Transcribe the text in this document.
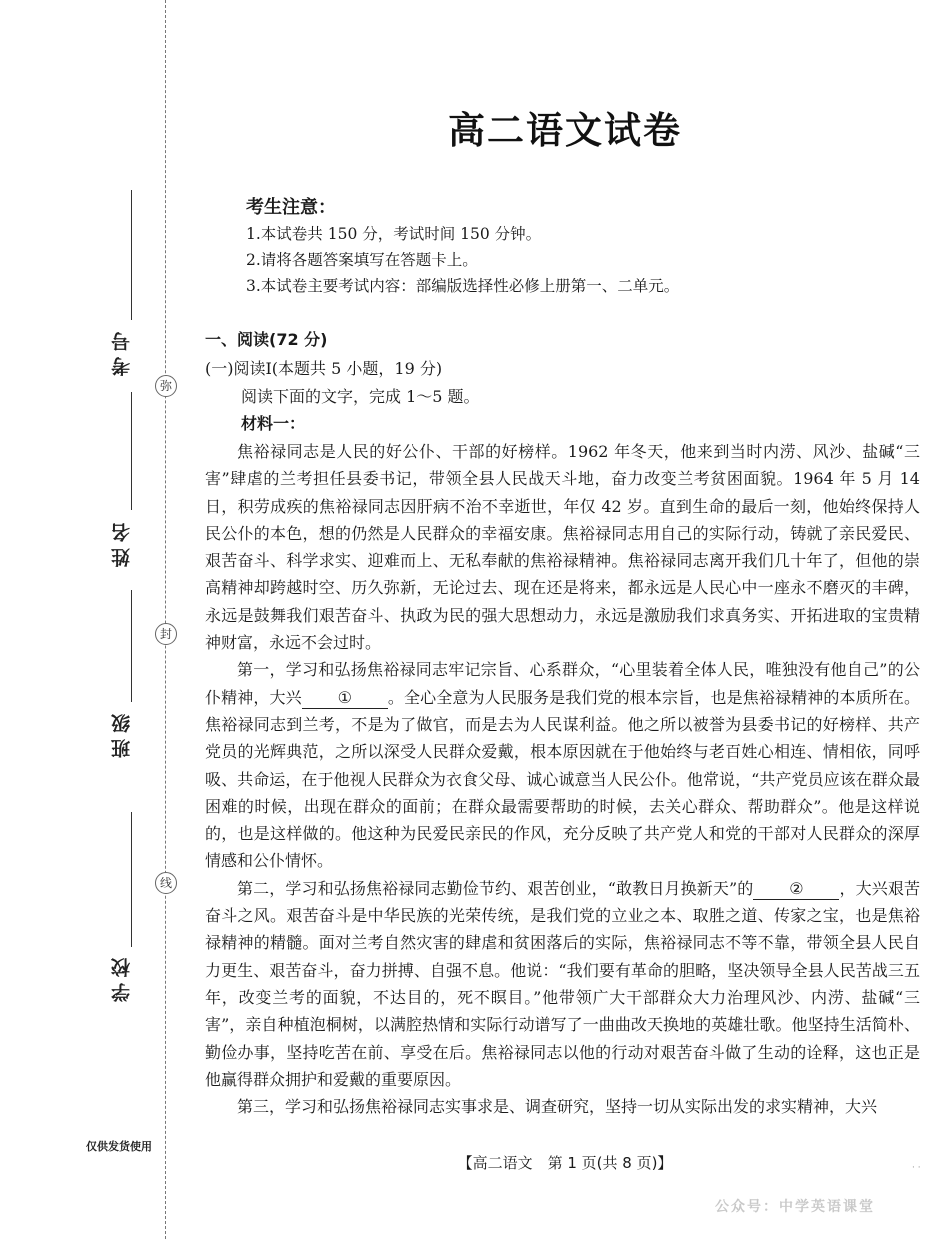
弥
封
线
考号
姓名
班级
学校
仅供发货使用
高二语文试卷
考生注意：
1.本试卷共 150 分，考试时间 150 分钟。
2.请将各题答案填写在答题卡上。
3.本试卷主要考试内容：部编版选择性必修上册第一、二单元。
一、阅读(72 分)
(一)阅读Ⅰ(本题共 5 小题，19 分)
阅读下面的文字，完成 1～5 题。
材料一：

焦裕禄同志是人民的好公仆、干部的好榜样。1962 年冬天，他来到当时内涝、风沙、盐碱“三害”肆虐的兰考担任县委书记，带领全县人民战天斗地，奋力改变兰考贫困面貌。1964 年 5 月 14 日，积劳成疾的焦裕禄同志因肝病不治不幸逝世，年仅 42 岁。直到生命的最后一刻，他始终保持人民公仆的本色，想的仍然是人民群众的幸福安康。焦裕禄同志用自己的实际行动，铸就了亲民爱民、艰苦奋斗、科学求实、迎难而上、无私奉献的焦裕禄精神。焦裕禄同志离开我们几十年了，但他的崇高精神却跨越时空、历久弥新，无论过去、现在还是将来，都永远是人民心中一座永不磨灭的丰碑，永远是鼓舞我们艰苦奋斗、执政为民的强大思想动力，永远是激励我们求真务实、开拓进取的宝贵精神财富，永远不会过时。

第一，学习和弘扬焦裕禄同志牢记宗旨、心系群众，“心里装着全体人民，唯独没有他自己”的公仆精神，大兴 ① 。全心全意为人民服务是我们党的根本宗旨，也是焦裕禄精神的本质所在。焦裕禄同志到兰考，不是为了做官，而是去为人民谋利益。他之所以被誉为县委书记的好榜样、共产党员的光辉典范，之所以深受人民群众爱戴，根本原因就在于他始终与老百姓心相连、情相依，同呼吸、共命运，在于他视人民群众为衣食父母、诚心诚意当人民公仆。他常说，“共产党员应该在群众最困难的时候，出现在群众的面前；在群众最需要帮助的时候，去关心群众、帮助群众”。他是这样说的，也是这样做的。他这种为民爱民亲民的作风，充分反映了共产党人和党的干部对人民群众的深厚情感和公仆情怀。

第二，学习和弘扬焦裕禄同志勤俭节约、艰苦创业，“敢教日月换新天”的 ② ，大兴艰苦奋斗之风。艰苦奋斗是中华民族的光荣传统，是我们党的立业之本、取胜之道、传家之宝，也是焦裕禄精神的精髓。面对兰考自然灾害的肆虐和贫困落后的实际，焦裕禄同志不等不靠，带领全县人民自力更生、艰苦奋斗，奋力拼搏、自强不息。他说：“我们要有革命的胆略，坚决领导全县人民苦战三五年，改变兰考的面貌，不达目的，死不瞑目。”他带领广大干部群众大力治理风沙、内涝、盐碱“三害”，亲自种植泡桐树，以满腔热情和实际行动谱写了一曲曲改天换地的英雄壮歌。他坚持生活简朴、勤俭办事，坚持吃苦在前、享受在后。焦裕禄同志以他的行动对艰苦奋斗做了生动的诠释，这也正是他赢得群众拥护和爱戴的重要原因。

第三，学习和弘扬焦裕禄同志实事求是、调查研究，坚持一切从实际出发的求实精神，大兴

【高二语文　第 1 页(共 8 页)】	· ·
公众号：中学英语课堂
